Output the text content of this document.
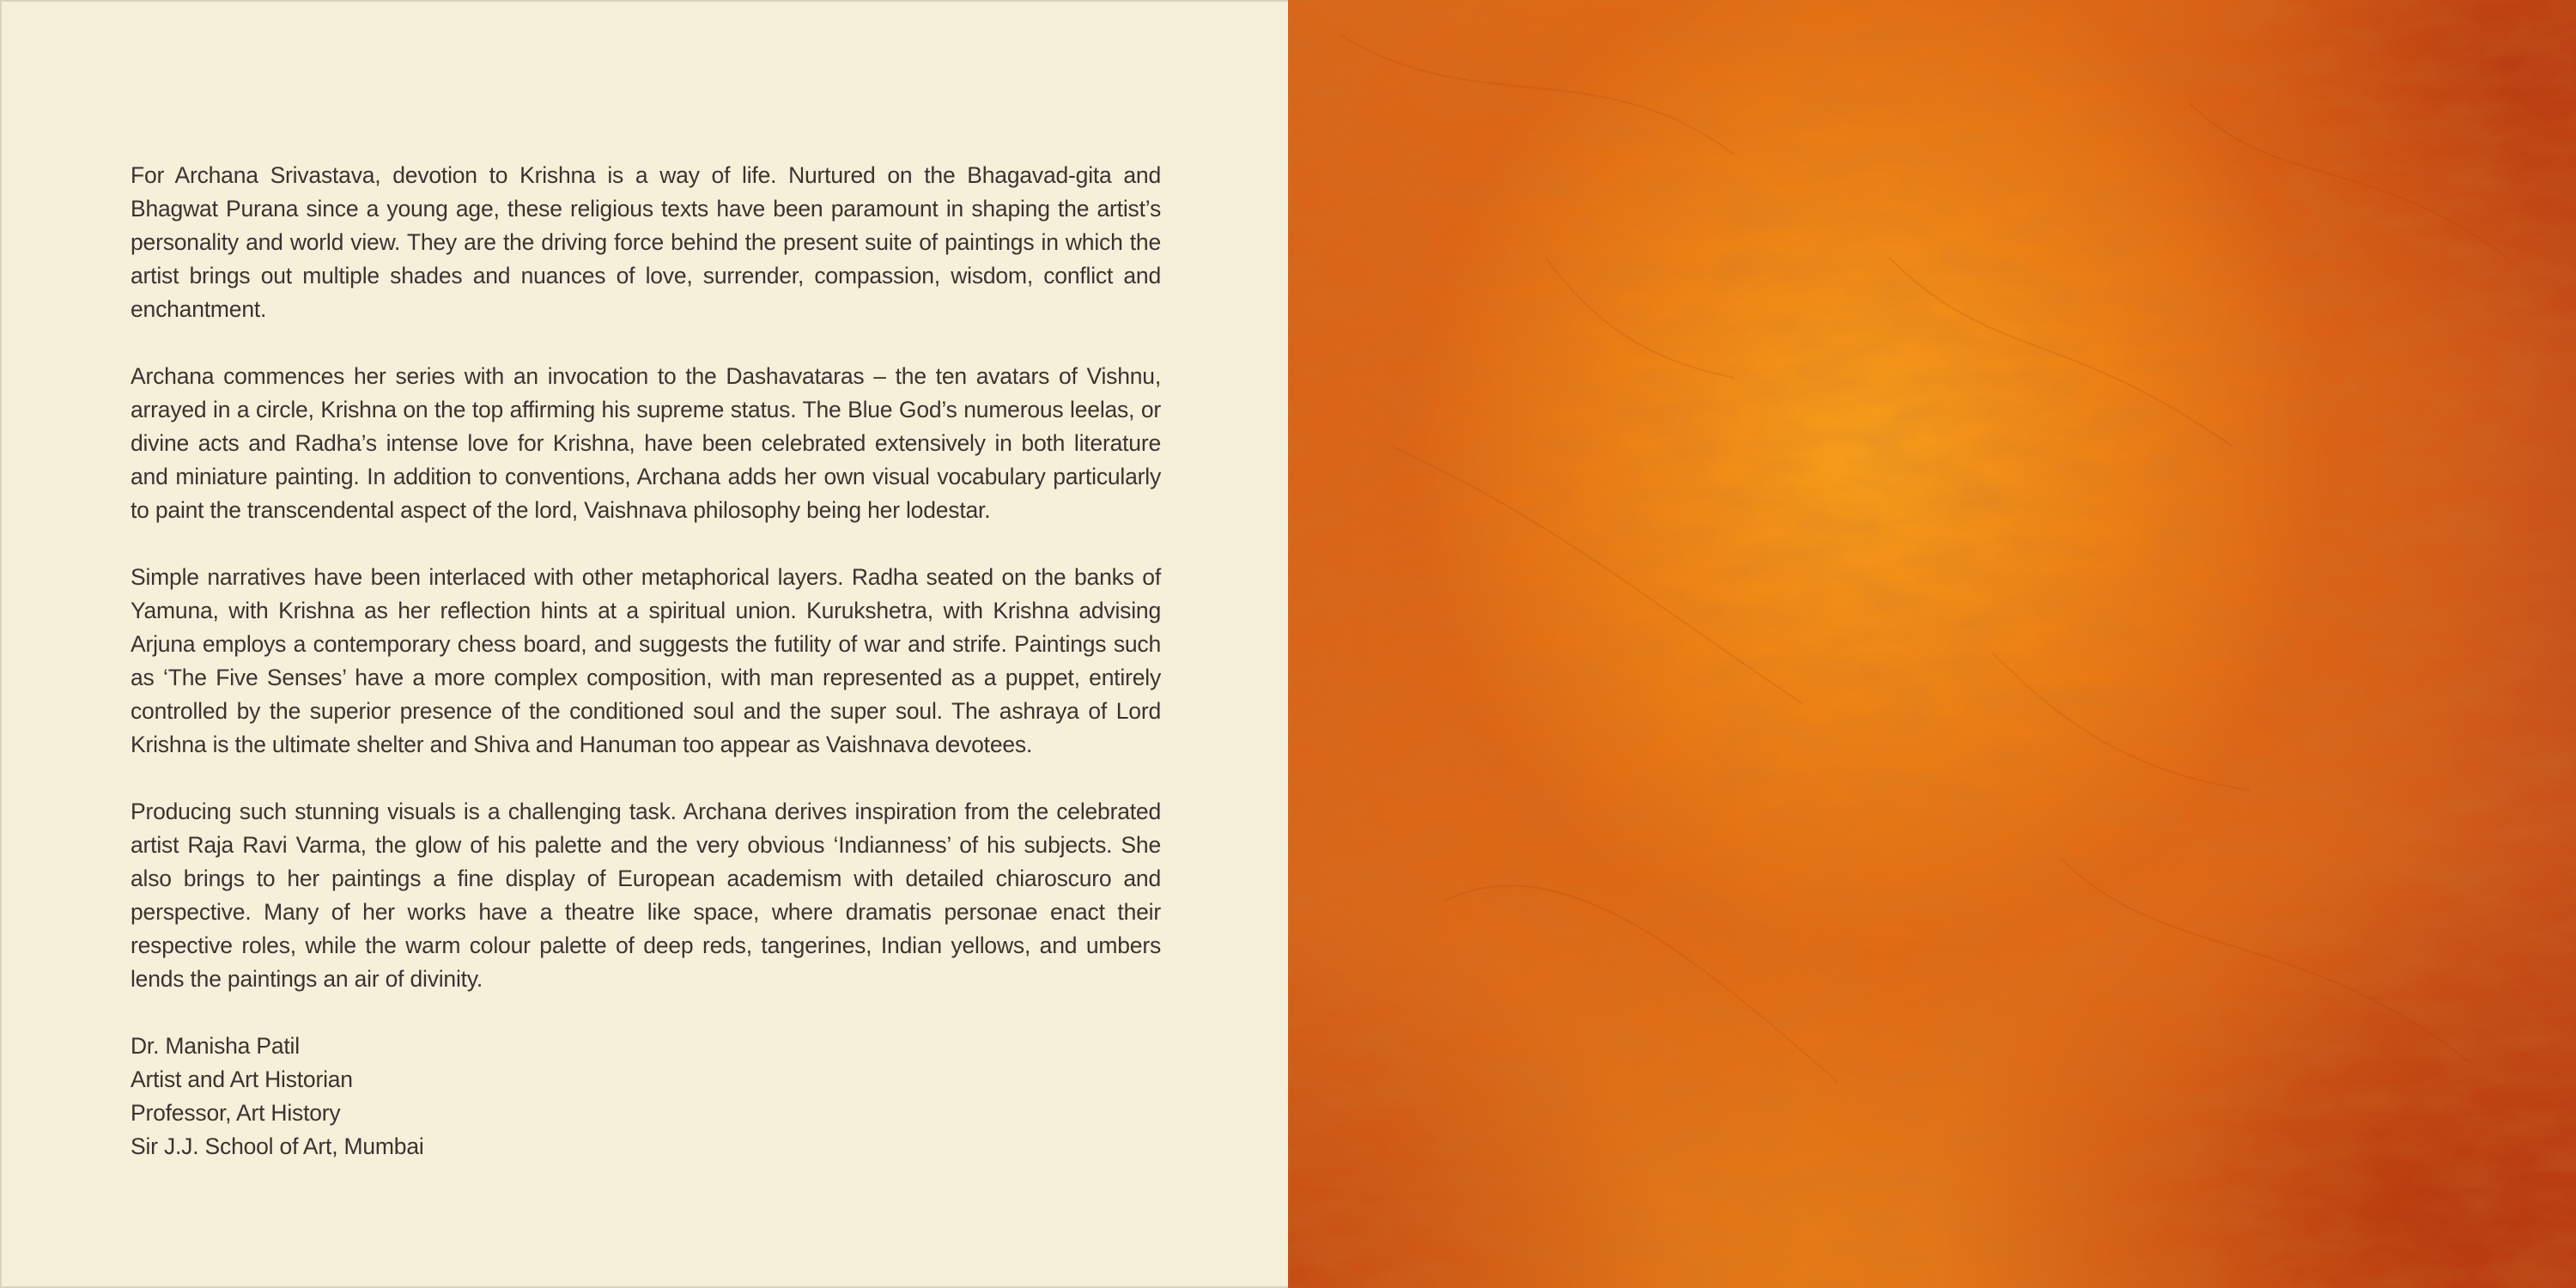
For Archana Srivastava, devotion to Krishna is a way of life. Nurtured on the Bhagavad-gita and Bhagwat Purana since a young age, these religious texts have been paramount in shaping the artist’s personality and world view. They are the driving force behind the present suite of paintings in which the artist brings out multiple shades and nuances of love, surrender, compassion, wisdom, conflict and enchantment.

Archana commences her series with an invocation to the Dashavataras – the ten avatars of Vishnu, arrayed in a circle, Krishna on the top affirming his supreme status. The Blue God’s numerous leelas, or divine acts and Radha’s intense love for Krishna, have been celebrated extensively in both literature and miniature painting. In addition to conventions, Archana adds her own visual vocabulary particularly to paint the transcendental aspect of the lord, Vaishnava philosophy being her lodestar.

Simple narratives have been interlaced with other metaphorical layers. Radha seated on the banks of Yamuna, with Krishna as her reflection hints at a spiritual union. Kurukshetra, with Krishna advising Arjuna employs a contemporary chess board, and suggests the futility of war and strife. Paintings such as ‘The Five Senses’ have a more complex composition, with man represented as a puppet, entirely controlled by the superior presence of the conditioned soul and the super soul. The ashraya of Lord Krishna is the ultimate shelter and Shiva and Hanuman too appear as Vaishnava devotees.

Producing such stunning visuals is a challenging task. Archana derives inspiration from the celebrated artist Raja Ravi Varma, the glow of his palette and the very obvious ‘Indianness’ of his subjects. She also brings to her paintings a fine display of European academism with detailed chiaroscuro and perspective. Many of her works have a theatre like space, where dramatis personae enact their respective roles, while the warm colour palette of deep reds, tangerines, Indian yellows, and umbers lends the paintings an air of divinity.

Dr. Manisha Patil
Artist and Art Historian
Professor, Art History
Sir J.J. School of Art, Mumbai
